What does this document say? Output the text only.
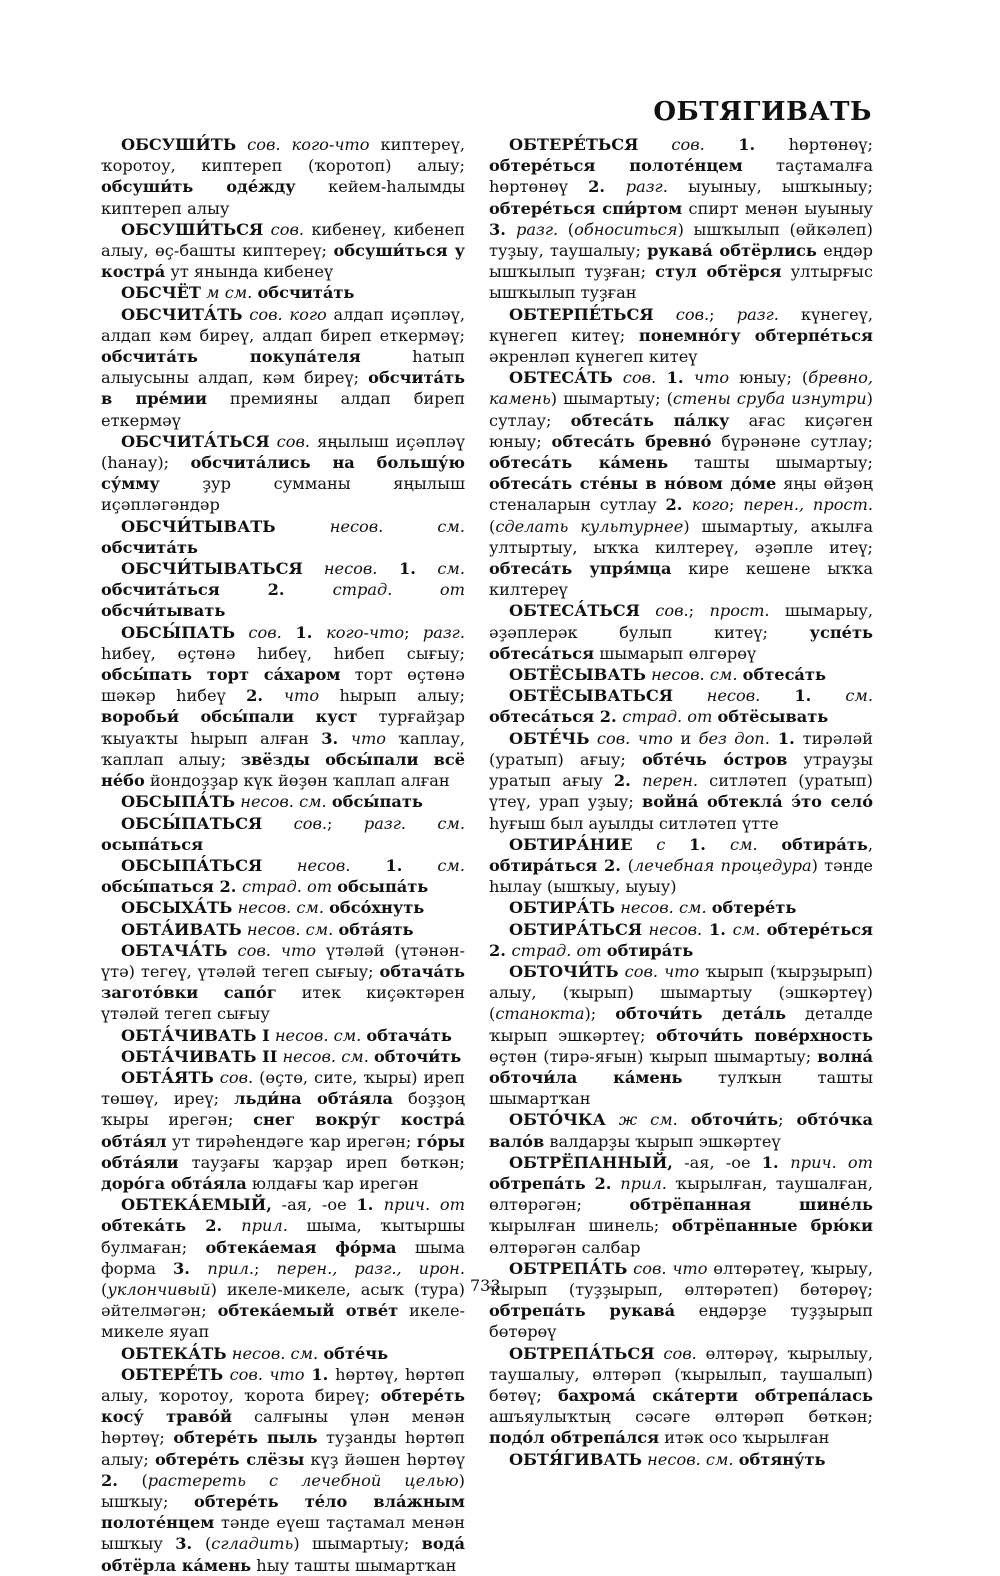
ОБТЯГИВАТЬ

ОБСУШИ́ТЬ сов. кого-что киптереү, ҡоротоу, киптереп (ҡоротоп) алыу; обсуши́ть оде́жду кейем-һалымды киптереп алыу

ОБСУШИ́ТЬСЯ сов. кибенеү, кибенеп алыу, өҫ-башты киптереү; обсуши́ться у костра́ ут янында кибенеү

ОБСЧЁТ м см. обсчита́ть

ОБСЧИТА́ТЬ сов. кого алдап иҫәпләү, алдап кәм биреү, алдап биреп еткермәү; обсчита́ть покупа́теля һатып алыусыны алдап, кәм биреү; обсчита́ть в пре́мии премияны алдап биреп еткермәү

ОБСЧИТА́ТЬСЯ сов. яңылыш иҫәпләү (һанау); обсчита́лись на большу́ю су́мму ҙур сумманы яңылыш иҫәпләгәндәр

ОБСЧИ́ТЫВАТЬ несов. см. обсчита́ть

ОБСЧИ́ТЫВАТЬСЯ несов. 1. см. обсчита́ться 2. страд. от обсчи́тывать

ОБСЫ́ПАТЬ сов. 1. кого-что; разг. һибеү, өҫтөнә һибеү, һибеп сығыу; обсы́пать торт са́харом торт өҫтөнә шәкәр һибеү 2. что һырып алыу; воробьи́ обсы́пали куст турғайҙар ҡыуаҡты һырып алған 3. что ҡаплау, ҡаплап алыу; звёзды обсы́пали всё не́бо йондоҙҙар күк йөҙөн ҡаплап алған

ОБСЫПА́ТЬ несов. см. обсы́пать

ОБСЫ́ПАТЬСЯ сов.; разг. см. осыпа́ться

ОБСЫПА́ТЬСЯ несов. 1. см. обсы́паться 2. страд. от обсыпа́ть

ОБСЫХА́ТЬ несов. см. обсо́хнуть

ОБТА́ИВАТЬ несов. см. обта́ять

ОБТАЧА́ТЬ сов. что үтәләй (үтәнән-үтә) тегеү, үтәләй тегеп сығыу; обтача́ть загото́вки сапо́г итек киҫәктәрен үтәләй тегеп сығыу

ОБТА́ЧИВАТЬ I несов. см. обтача́ть

ОБТА́ЧИВАТЬ II несов. см. обточи́ть

ОБТА́ЯТЬ сов. (өҫтө, сите, ҡыры) иреп төшөү, иреү; льди́на обта́яла боҙҙоң ҡыры ирегән; снег вокру́г костра́ обта́ял ут тирәһендәге ҡар ирегән; го́ры обта́яли тауҙағы ҡарҙар иреп бөткән; доро́га обта́яла юлдағы ҡар ирегән

ОБТЕКА́ЕМЫЙ, -ая, -ое 1. прич. от обтека́ть 2. прил. шыма, ҡытыршы булмаған; обтека́емая фо́рма шыма форма 3. прил.; перен., разг., ирон. (уклончивый) икеле-микеле, асыҡ (тура) әйтелмәгән; обтека́емый отве́т икеле-микеле яуап

ОБТЕКА́ТЬ несов. см. обте́чь

ОБТЕРЕ́ТЬ сов. что 1. һөртөү, һөртөп алыу, ҡоротоу, ҡорота биреү; обтере́ть косу́ траво́й салғыны үлән менән һөртөү; обтере́ть пыль туҙанды һөртөп алыу; обтере́ть слёзы күҙ йәшен һөртөү 2. (растереть с лечебной целью) ышҡыу; обтере́ть те́ло вла́жным полоте́нцем тәнде еүеш таҫтамал менән ышҡыу 3. (сгладить) шымартыу; вода́ обтёрла ка́мень һыу ташты шымартҡан

ОБТЕРЕ́ТЬСЯ сов. 1. һөртөнөү; обтере́ться полоте́нцем таҫтамалға һөртөнөү 2. разг. ыуыныу, ышҡыныу; обтере́ться спи́ртом спирт менән ыуыныу 3. разг. (обноситься) ышҡылып (өйкәлеп) туҙыу, таушалыу; рукава́ обтёрлись еңдәр ышҡылып туҙған; стул обтёрся ултырғыс ышҡылып туҙған

ОБТЕРПЕ́ТЬСЯ сов.; разг. күнегеү, күнегеп китеү; понемно́гу обтерпе́ться әкренләп күнегеп китеү

ОБТЕСА́ТЬ сов. 1. что юныу; (бревно, камень) шымартыу; (стены сруба изнутри) сутлау; обтеса́ть па́лку ағас киҫәген юныу; обтеса́ть бревно́ бүрәнәне сутлау; обтеса́ть ка́мень ташты шымартыу; обтеса́ть сте́ны в но́вом до́ме яңы өйҙөң стеналарын сутлау 2. кого; перен., прост. (сделать культурнее) шымартыу, аҡылға ултыртыу, ыҡҡа килтереү, әҙәпле итеү; обтеса́ть упря́мца кире кешене ыҡҡа килтереү

ОБТЕСА́ТЬСЯ сов.; прост. шымарыу, әҙәплерәк булып китеү; успе́ть обтеса́ться шымарып өлгөрөү

ОБТЁСЫВАТЬ несов. см. обтеса́ть

ОБТЁСЫВАТЬСЯ несов. 1. см. обтеса́ться 2. страд. от обтёсывать

ОБТЕ́ЧЬ сов. что и без доп. 1. тирәләй (уратып) ағыу; обте́чь о́стров утрауҙы уратып ағыу 2. перен. ситләтеп (уратып) үтеү, урап уҙыу; война́ обтекла́ э́то село́ һуғыш был ауылды ситләтеп үтте

ОБТИРА́НИЕ с 1. см. обтира́ть, обтира́ться 2. (лечебная процедура) тәнде һылау (ышҡыу, ыуыу)

ОБТИРА́ТЬ несов. см. обтере́ть

ОБТИРА́ТЬСЯ несов. 1. см. обтере́ться 2. страд. от обтира́ть

ОБТОЧИ́ТЬ сов. что ҡырып (ҡырҙырып) алыу, (ҡырып) шымартыу (эшкәртеү) (станокта); обточи́ть дета́ль деталде ҡырып эшкәртеү; обточи́ть пове́рхность өҫтөн (тирә-яғын) ҡырып шымартыу; волна́ обточи́ла ка́мень тулҡын ташты шымартҡан

ОБТО́ЧКА ж см. обточи́ть; обто́чка вало́в валдарҙы ҡырып эшкәртеү

ОБТРЁПАННЫЙ, -ая, -ое 1. прич. от обтрепа́ть 2. прил. ҡырылған, таушалған, өлтөрәгән; обтрёпанная шине́ль ҡырылған шинель; обтрёпанные брю́ки өлтөрәгән салбар

ОБТРЕПА́ТЬ сов. что өлтөрәтеү, ҡырыу, ҡырып (туҙҙырып, өлтөрәтеп) бөтөрөү; обтрепа́ть рукава́ еңдәрҙе туҙҙырып бөтөрөү

ОБТРЕПА́ТЬСЯ сов. өлтөрәү, ҡырылыу, таушалыу, өлтөрәп (ҡырылып, таушалып) бөтөү; бахрома́ ска́терти обтрепа́лась ашъяулыҡтың сәсәге өлтөрәп бөткән; подо́л обтрепа́лся итәк осо ҡырылған

ОБТЯ́ГИВАТЬ несов. см. обтяну́ть

733
